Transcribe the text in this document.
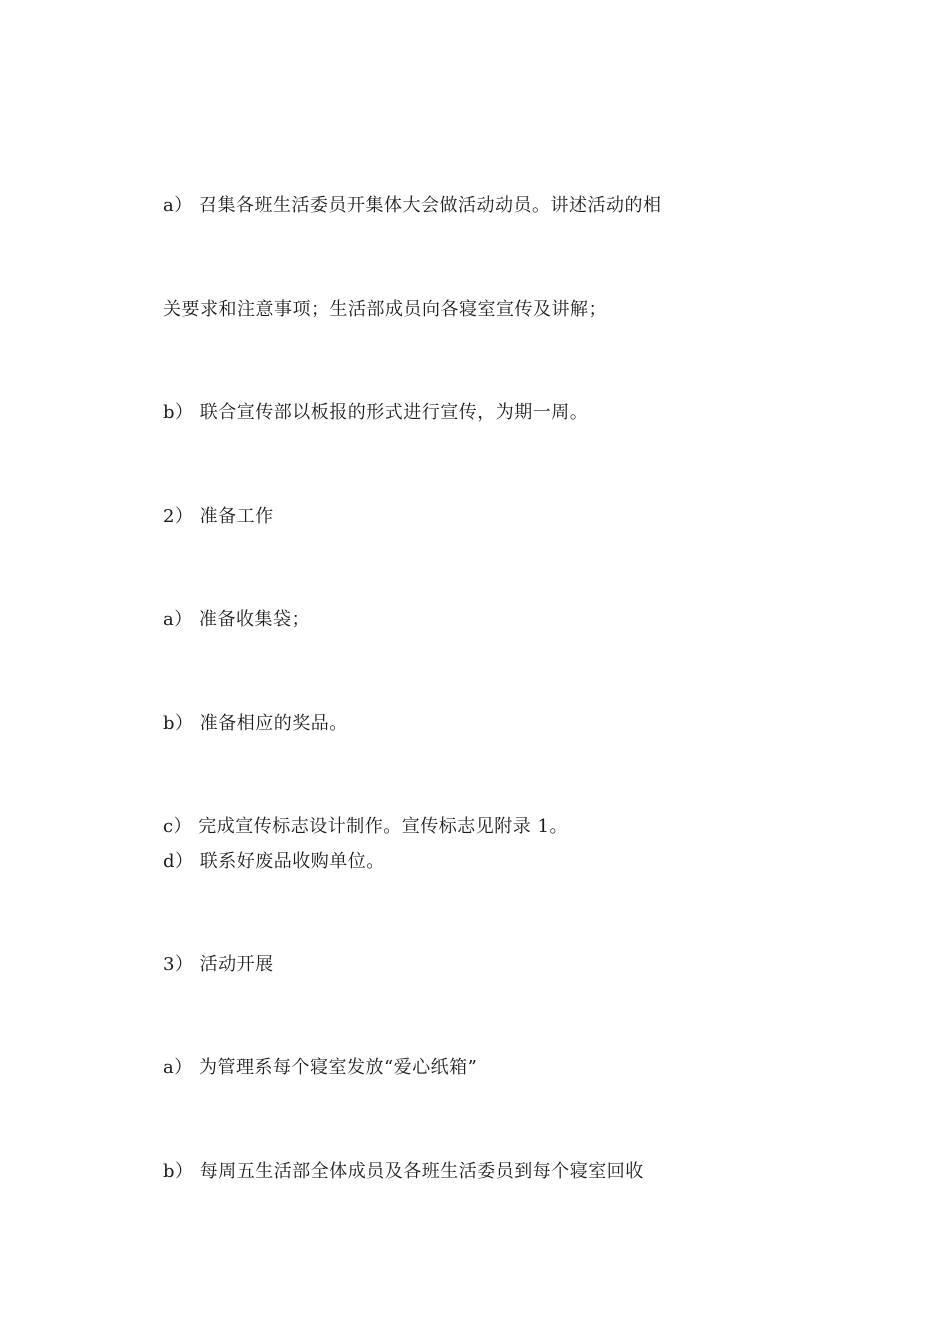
a） 召集各班生活委员开集体大会做活动动员。讲述活动的相
关要求和注意事项；生活部成员向各寝室宣传及讲解；
b） 联合宣传部以板报的形式进行宣传，为期一周。
2） 准备工作
a） 准备收集袋；
b） 准备相应的奖品。
c） 完成宣传标志设计制作。宣传标志见附录 1。
d） 联系好废品收购单位。
3） 活动开展
a） 为管理系每个寝室发放“爱心纸箱”
b） 每周五生活部全体成员及各班生活委员到每个寝室回收
